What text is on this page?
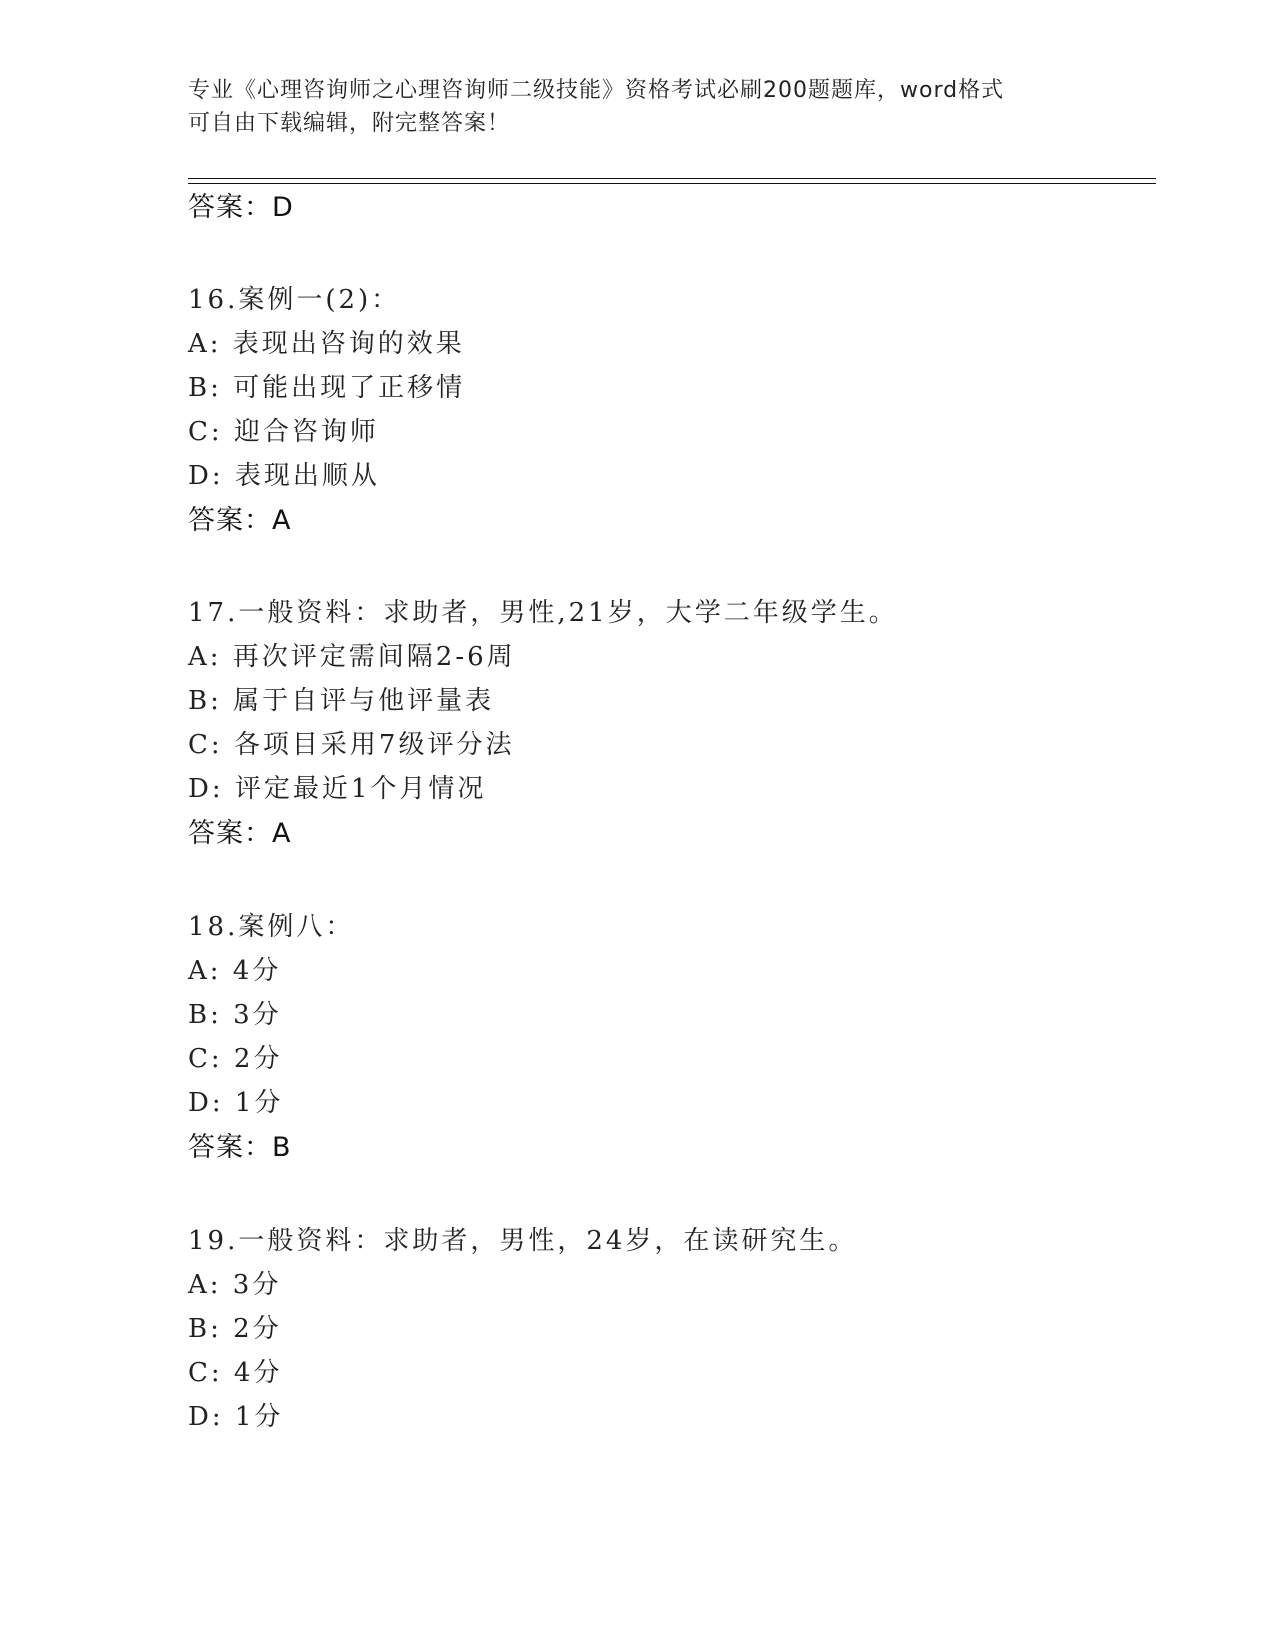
专业《心理咨询师之心理咨询师二级技能》资格考试必刷200题题库，word格式
可自由下载编辑，附完整答案！
答案：D
16.案例一(2)：
A: 表现出咨询的效果
B: 可能出现了正移情
C: 迎合咨询师
D: 表现出顺从
答案：A
17.一般资料：求助者，男性,21岁，大学二年级学生。
A: 再次评定需间隔2-6周
B: 属于自评与他评量表
C: 各项目采用7级评分法
D: 评定最近1个月情况
答案：A
18.案例八：
A: 4分
B: 3分
C: 2分
D: 1分
答案：B
19.一般资料：求助者，男性，24岁，在读研究生。
A: 3分
B: 2分
C: 4分
D: 1分
